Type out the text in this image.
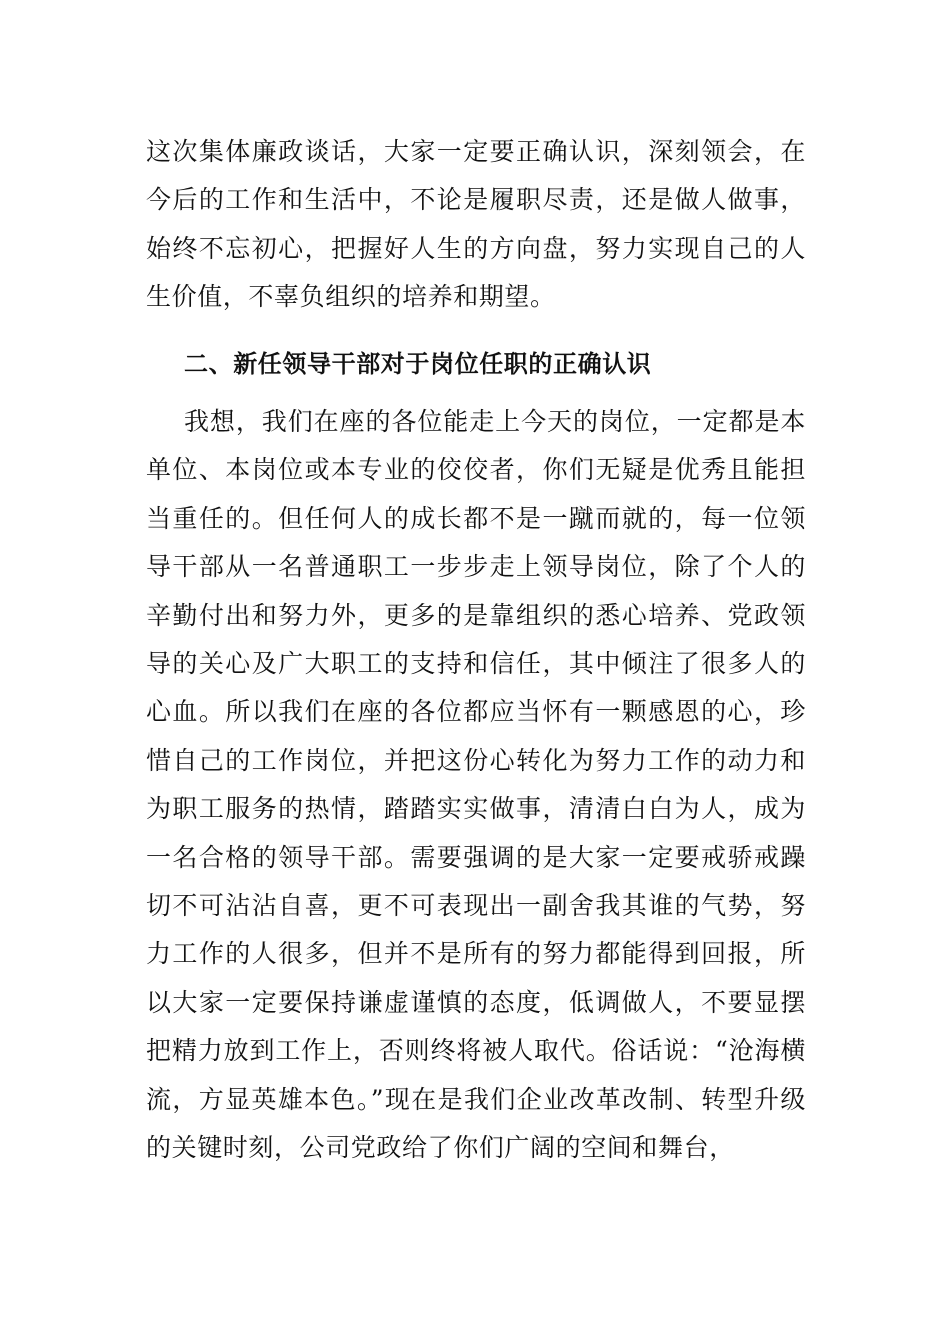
这次集体廉政谈话，大家一定要正确认识，深刻领会，在今后的工作和生活中，不论是履职尽责，还是做人做事，始终不忘初心，把握好人生的方向盘，努力实现自己的人生价值，不辜负组织的培养和期望。

二、新任领导干部对于岗位任职的正确认识

我想，我们在座的各位能走上今天的岗位，一定都是本单位、本岗位或本专业的佼佼者，你们无疑是优秀且能担当重任的。但任何人的成长都不是一蹴而就的，每一位领导干部从一名普通职工一步步走上领导岗位，除了个人的辛勤付出和努力外，更多的是靠组织的悉心培养、党政领导的关心及广大职工的支持和信任，其中倾注了很多人的心血。所以我们在座的各位都应当怀有一颗感恩的心，珍惜自己的工作岗位，并把这份心转化为努力工作的动力和为职工服务的热情，踏踏实实做事，清清白白为人，成为一名合格的领导干部。需要强调的是大家一定要戒骄戒躁切不可沾沾自喜，更不可表现出一副舍我其谁的气势，努力工作的人很多，但并不是所有的努力都能得到回报，所以大家一定要保持谦虚谨慎的态度，低调做人，不要显摆把精力放到工作上，否则终将被人取代。俗话说：“沧海横流，方显英雄本色。”现在是我们企业改革改制、转型升级的关键时刻，公司党政给了你们广阔的空间和舞台，
